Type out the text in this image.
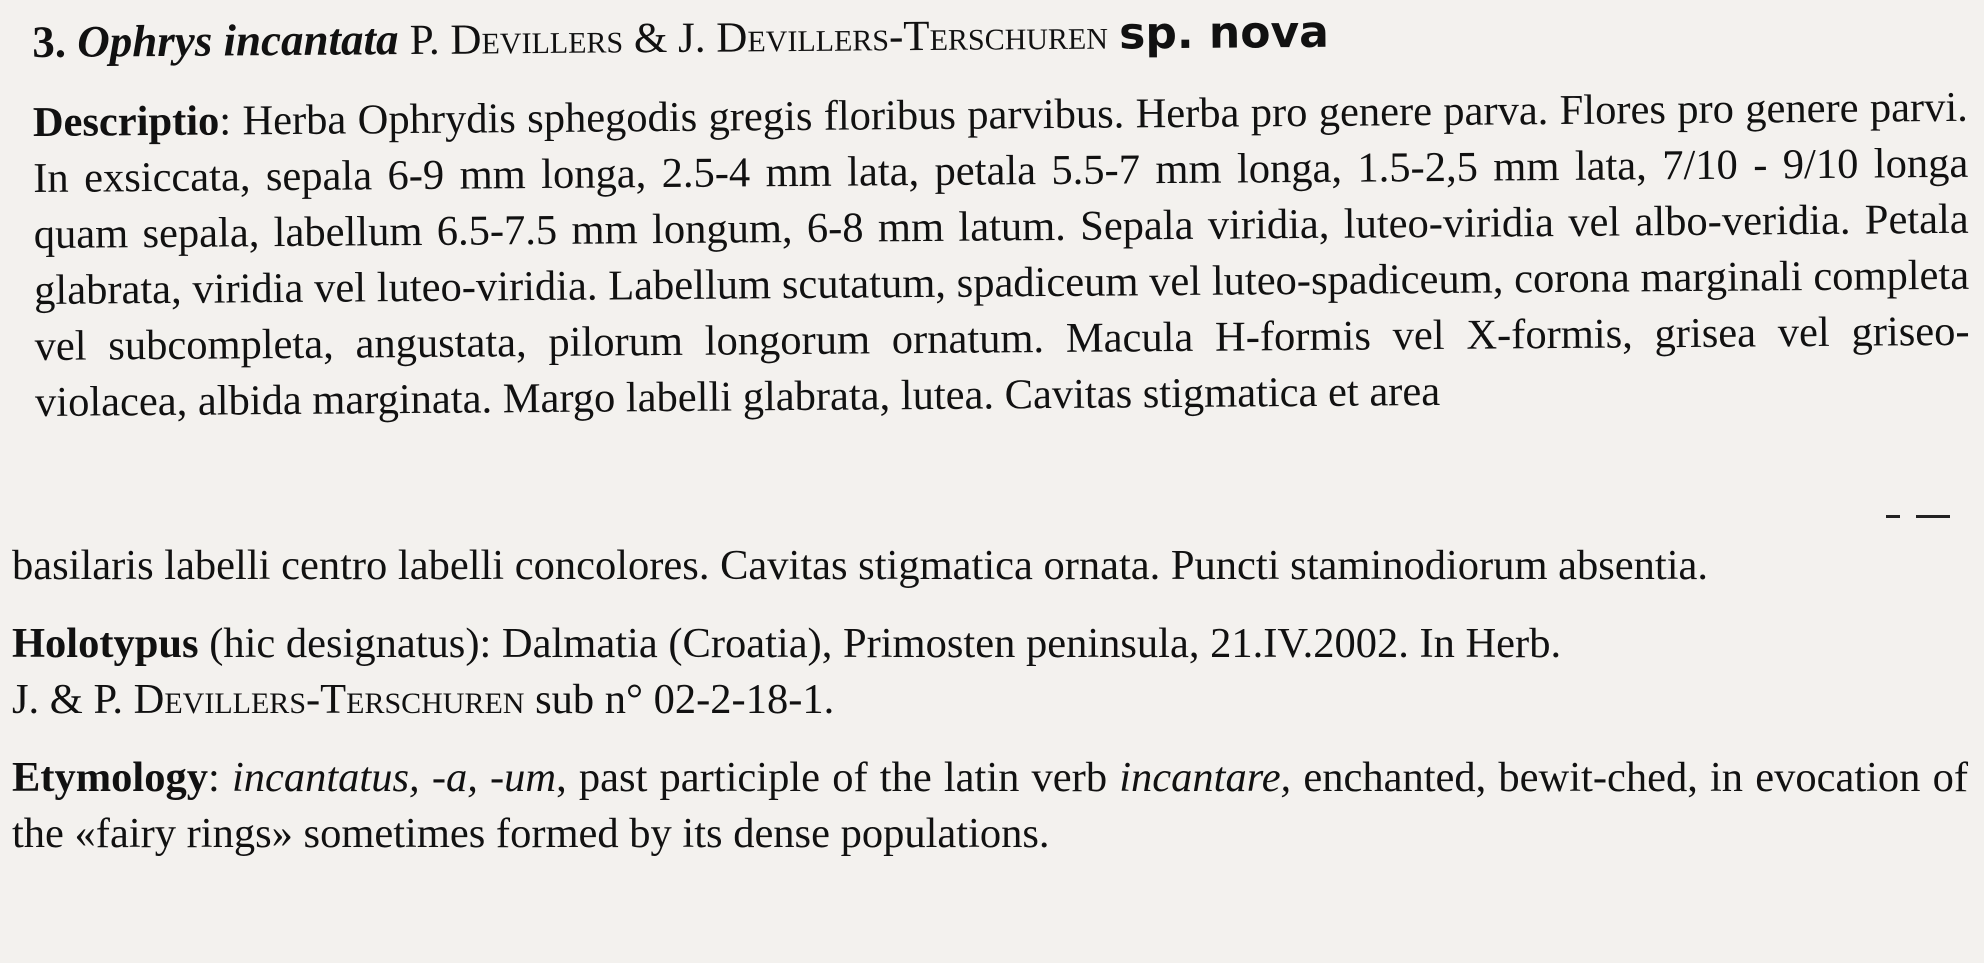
3. Ophrys incantata P. Devillers & J. Devillers-Terschuren sp. nova

Descriptio: Herba Ophrydis sphegodis gregis floribus parvibus. Herba pro genere parva. Flores pro genere parvi. In exsiccata, sepala 6-9 mm longa, 2.5-4 mm lata, petala 5.5-7 mm longa, 1.5-2,5 mm lata, 7/10 - 9/10 longa quam sepala, labellum 6.5-7.5 mm longum, 6-8 mm latum. Sepala viridia, luteo-viridia vel albo-veridia. Petala glabrata, viridia vel luteo-viridia. Labellum scutatum, spadiceum vel luteo-spadiceum, corona marginali completa vel subcompleta, angustata, pilorum longorum ornatum. Macula H-formis vel X-formis, grisea vel griseo-violacea, albida marginata. Margo labelli glabrata, lutea. Cavitas stigmatica et area

basilaris labelli centro labelli concolores. Cavitas stigmatica ornata. Puncti staminodiorum absentia.

Holotypus (hic designatus): Dalmatia (Croatia), Primosten peninsula, 21.IV.2002. In Herb.
J. & P. Devillers-Terschuren sub n° 02-2-18-1.

Etymology: incantatus, -a, -um, past participle of the latin verb incantare, enchanted, bewit-ched, in evocation of the «fairy rings» sometimes formed by its dense populations.
